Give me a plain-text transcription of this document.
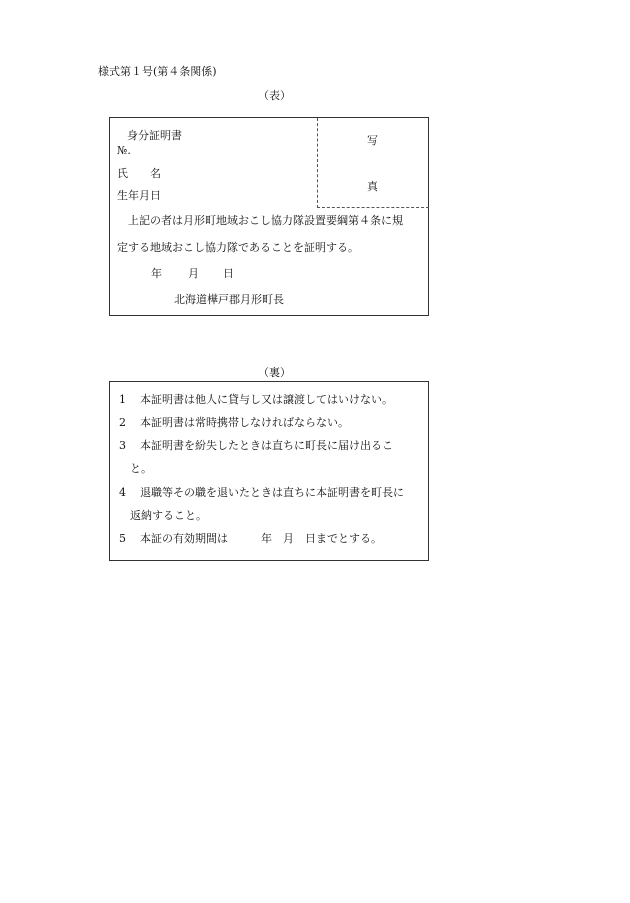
様式第１号(第４条関係)
（表）
写
真
身分証明書
№.
氏　　名
生年月日
上記の者は月形町地域おこし協力隊設置要綱第４条に規
定する地域おこし協力隊であることを証明する。
年 月 日
北海道樺戸郡月形町長
（裏）
1 本証明書は他人に貸与し又は譲渡してはいけない。
2 本証明書は常時携帯しなければならない。
3 本証明書を紛失したときは直ちに町長に届け出るこ
と。
4 退職等その職を退いたときは直ちに本証明書を町長に
返納すること。
5 本証の有効期間は　　　年　月　日までとする。
